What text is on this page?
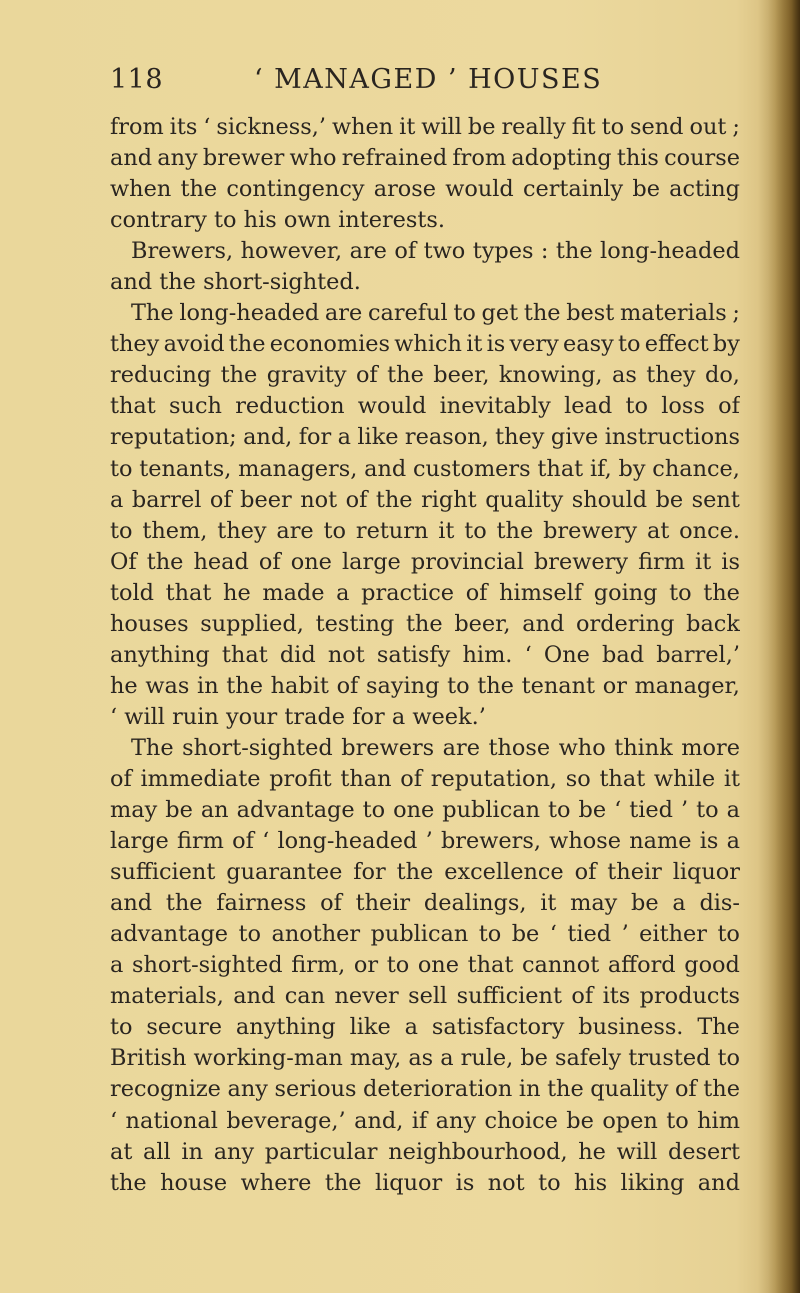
118	‘ MANAGED ’ HOUSES
from its ‘ sickness,’ when it will be really fit to send out ;
and any brewer who refrained from adopting this course
when the contingency arose would certainly be acting
contrary to his own interests.
Brewers, however, are of two types : the long-headed
and the short-sighted.
The long-headed are careful to get the best materials ;
they avoid the economies which it is very easy to effect by
reducing the gravity of the beer, knowing, as they do,
that such reduction would inevitably lead to loss of
reputation; and, for a like reason, they give instructions
to tenants, managers, and customers that if, by chance,
a barrel of beer not of the right quality should be sent
to them, they are to return it to the brewery at once.
Of the head of one large provincial brewery firm it is
told that he made a practice of himself going to the
houses supplied, testing the beer, and ordering back
anything that did not satisfy him. ‘ One bad barrel,’
he was in the habit of saying to the tenant or manager,
‘ will ruin your trade for a week.’
The short-sighted brewers are those who think more
of immediate profit than of reputation, so that while it
may be an advantage to one publican to be ‘ tied ’ to a
large firm of ‘ long-headed ’ brewers, whose name is a
sufficient guarantee for the excellence of their liquor
and the fairness of their dealings, it may be a dis-
advantage to another publican to be ‘ tied ’ either to
a short-sighted firm, or to one that cannot afford good
materials, and can never sell sufficient of its products
to secure anything like a satisfactory business. The
British working-man may, as a rule, be safely trusted to
recognize any serious deterioration in the quality of the
‘ national beverage,’ and, if any choice be open to him
at all in any particular neighbourhood, he will desert
the house where the liquor is not to his liking and
